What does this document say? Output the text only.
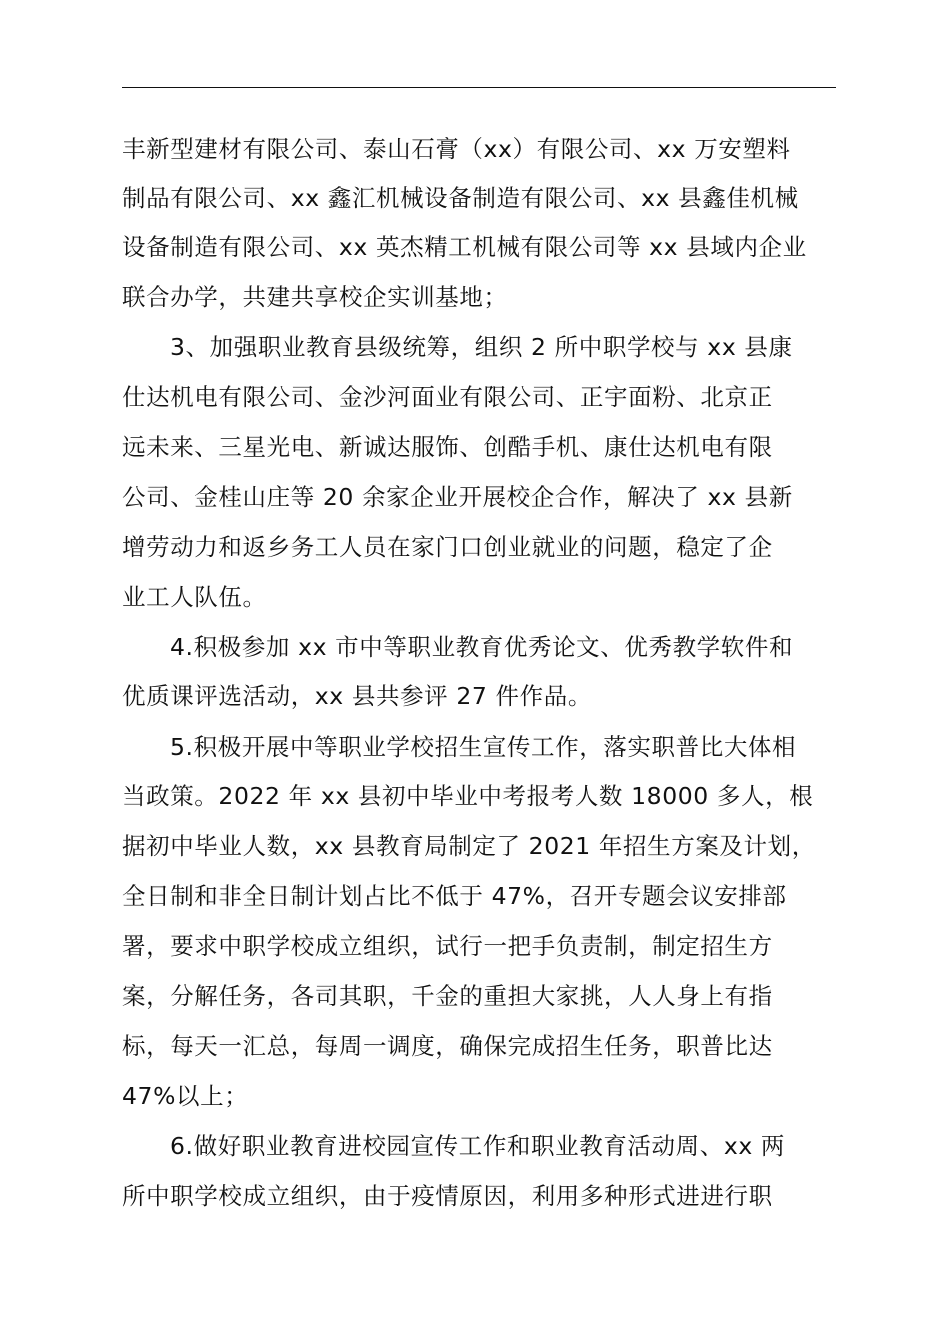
丰新型建材有限公司、泰山石膏（xx）有限公司、xx 万安塑料
制品有限公司、xx 鑫汇机械设备制造有限公司、xx 县鑫佳机械
设备制造有限公司、xx 英杰精工机械有限公司等 xx 县域内企业
联合办学，共建共享校企实训基地；
3、加强职业教育县级统筹，组织 2 所中职学校与 xx 县康
仕达机电有限公司、金沙河面业有限公司、正宇面粉、北京正
远未来、三星光电、新诚达服饰、创酷手机、康仕达机电有限
公司、金桂山庄等 20 余家企业开展校企合作，解决了 xx 县新
增劳动力和返乡务工人员在家门口创业就业的问题，稳定了企
业工人队伍。
4.积极参加 xx 市中等职业教育优秀论文、优秀教学软件和
优质课评选活动，xx 县共参评 27 件作品。
5.积极开展中等职业学校招生宣传工作，落实职普比大体相
当政策。2022 年 xx 县初中毕业中考报考人数 18000 多人，根
据初中毕业人数，xx 县教育局制定了 2021 年招生方案及计划，
全日制和非全日制计划占比不低于 47%，召开专题会议安排部
署，要求中职学校成立组织，试行一把手负责制，制定招生方
案，分解任务，各司其职，千金的重担大家挑，人人身上有指
标，每天一汇总，每周一调度，确保完成招生任务，职普比达
47%以上；
6.做好职业教育进校园宣传工作和职业教育活动周、xx 两
所中职学校成立组织，由于疫情原因，利用多种形式进进行职
